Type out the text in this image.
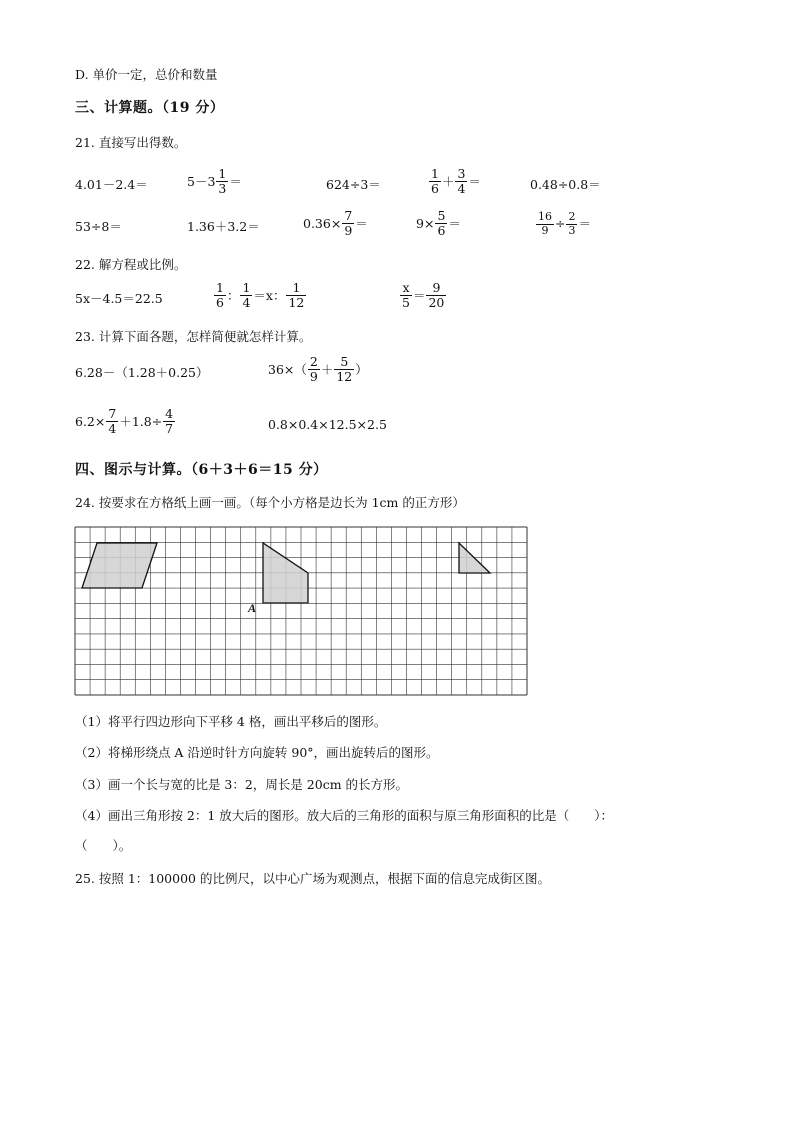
D. 单价一定，总价和数量
三、计算题。（19 分）
21. 直接写出得数。
4.01－2.4＝	$5-3 \frac{1}{3}$ ＝	624÷3＝	$\frac{1}{6} + \frac{3}{4}$ ＝	0.48÷0.8＝
53÷8＝	1.36＋3.2＝	$0.36\times \frac{7}{9}$ ＝	$9\times \frac{5}{6}$ ＝	$\frac{16}{9} \div \frac{2}{3}$ ＝
22. 解方程或比例。
5x－4.5＝22.5	$\frac{1}{6}$ ： $\frac{1}{4} =x$： $\frac{1}{12}$	$\frac{x}{5} = \frac{9}{20}$
23. 计算下面各题，怎样简便就怎样计算。
6.28－（1.28＋0.25）	$36\times( \frac{2}{9} + \frac{5}{12}$ ）
$6.2\times \frac{7}{4} +1.8\div \frac{4}{7}$	0.8×0.4×12.5×2.5
四、图示与计算。（6＋3＋6＝15 分）
24. 按要求在方格纸上画一画。（每个小方格是边长为 1cm 的正方形）
A
（1）将平行四边形向下平移 4 格，画出平移后的图形。
（2）将梯形绕点 A 沿逆时针方向旋转 90°，画出旋转后的图形。
（3）画一个长与宽的比是 3：2，周长是 20cm 的长方形。
（4）画出三角形按 2：1 放大后的图形。放大后的三角形的面积与原三角形面积的比是（　　）：
（　　）。
25. 按照 1：100000 的比例尺，以中心广场为观测点，根据下面的信息完成街区图。
